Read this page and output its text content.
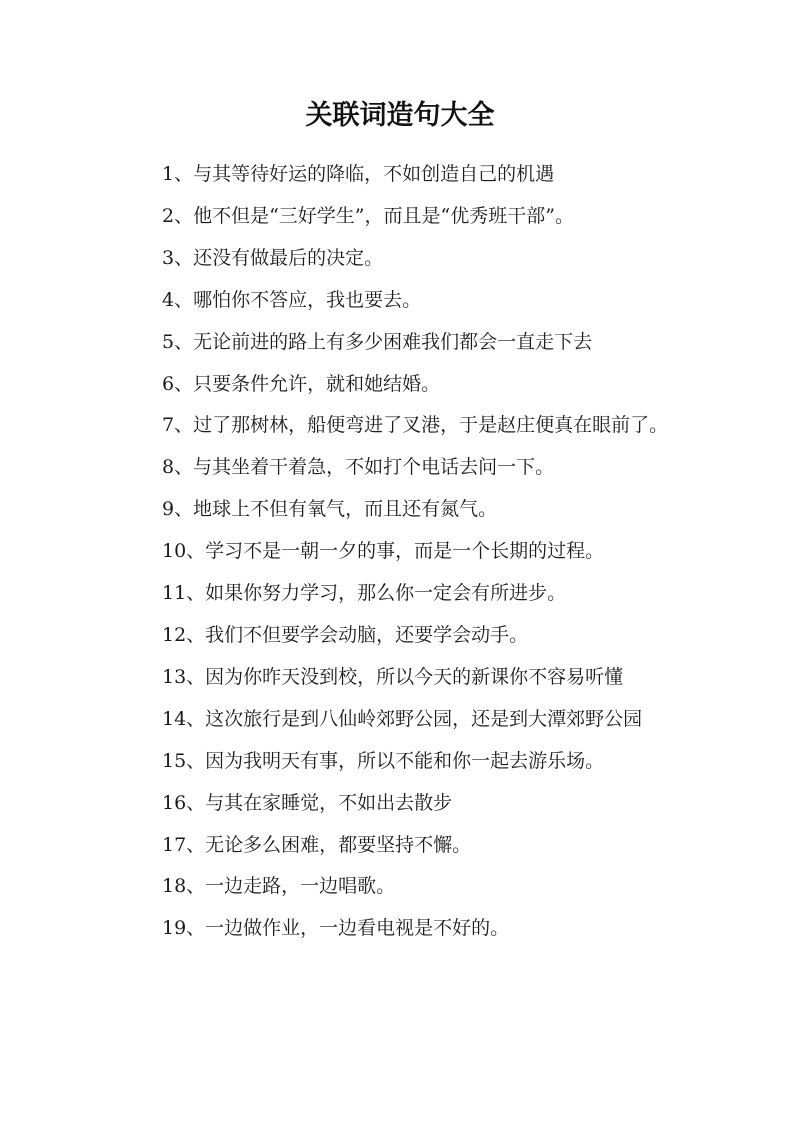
关联词造句大全

1、与其等待好运的降临，不如创造自己的机遇

2、他不但是“三好学生”，而且是“优秀班干部”。

3、还没有做最后的决定。

4、哪怕你不答应，我也要去。

5、无论前进的路上有多少困难我们都会一直走下去

6、只要条件允许，就和她结婚。

7、过了那树林，船便弯进了叉港，于是赵庄便真在眼前了。

8、与其坐着干着急，不如打个电话去问一下。

9、地球上不但有氧气，而且还有氮气。

10、学习不是一朝一夕的事，而是一个长期的过程。

11、如果你努力学习，那么你一定会有所进步。

12、我们不但要学会动脑，还要学会动手。

13、因为你昨天没到校，所以今天的新课你不容易听懂

14、这次旅行是到八仙岭郊野公园，还是到大潭郊野公园

15、因为我明天有事，所以不能和你一起去游乐场。

16、与其在家睡觉，不如出去散步

17、无论多么困难，都要坚持不懈。

18、一边走路，一边唱歌。

19、一边做作业，一边看电视是不好的。
